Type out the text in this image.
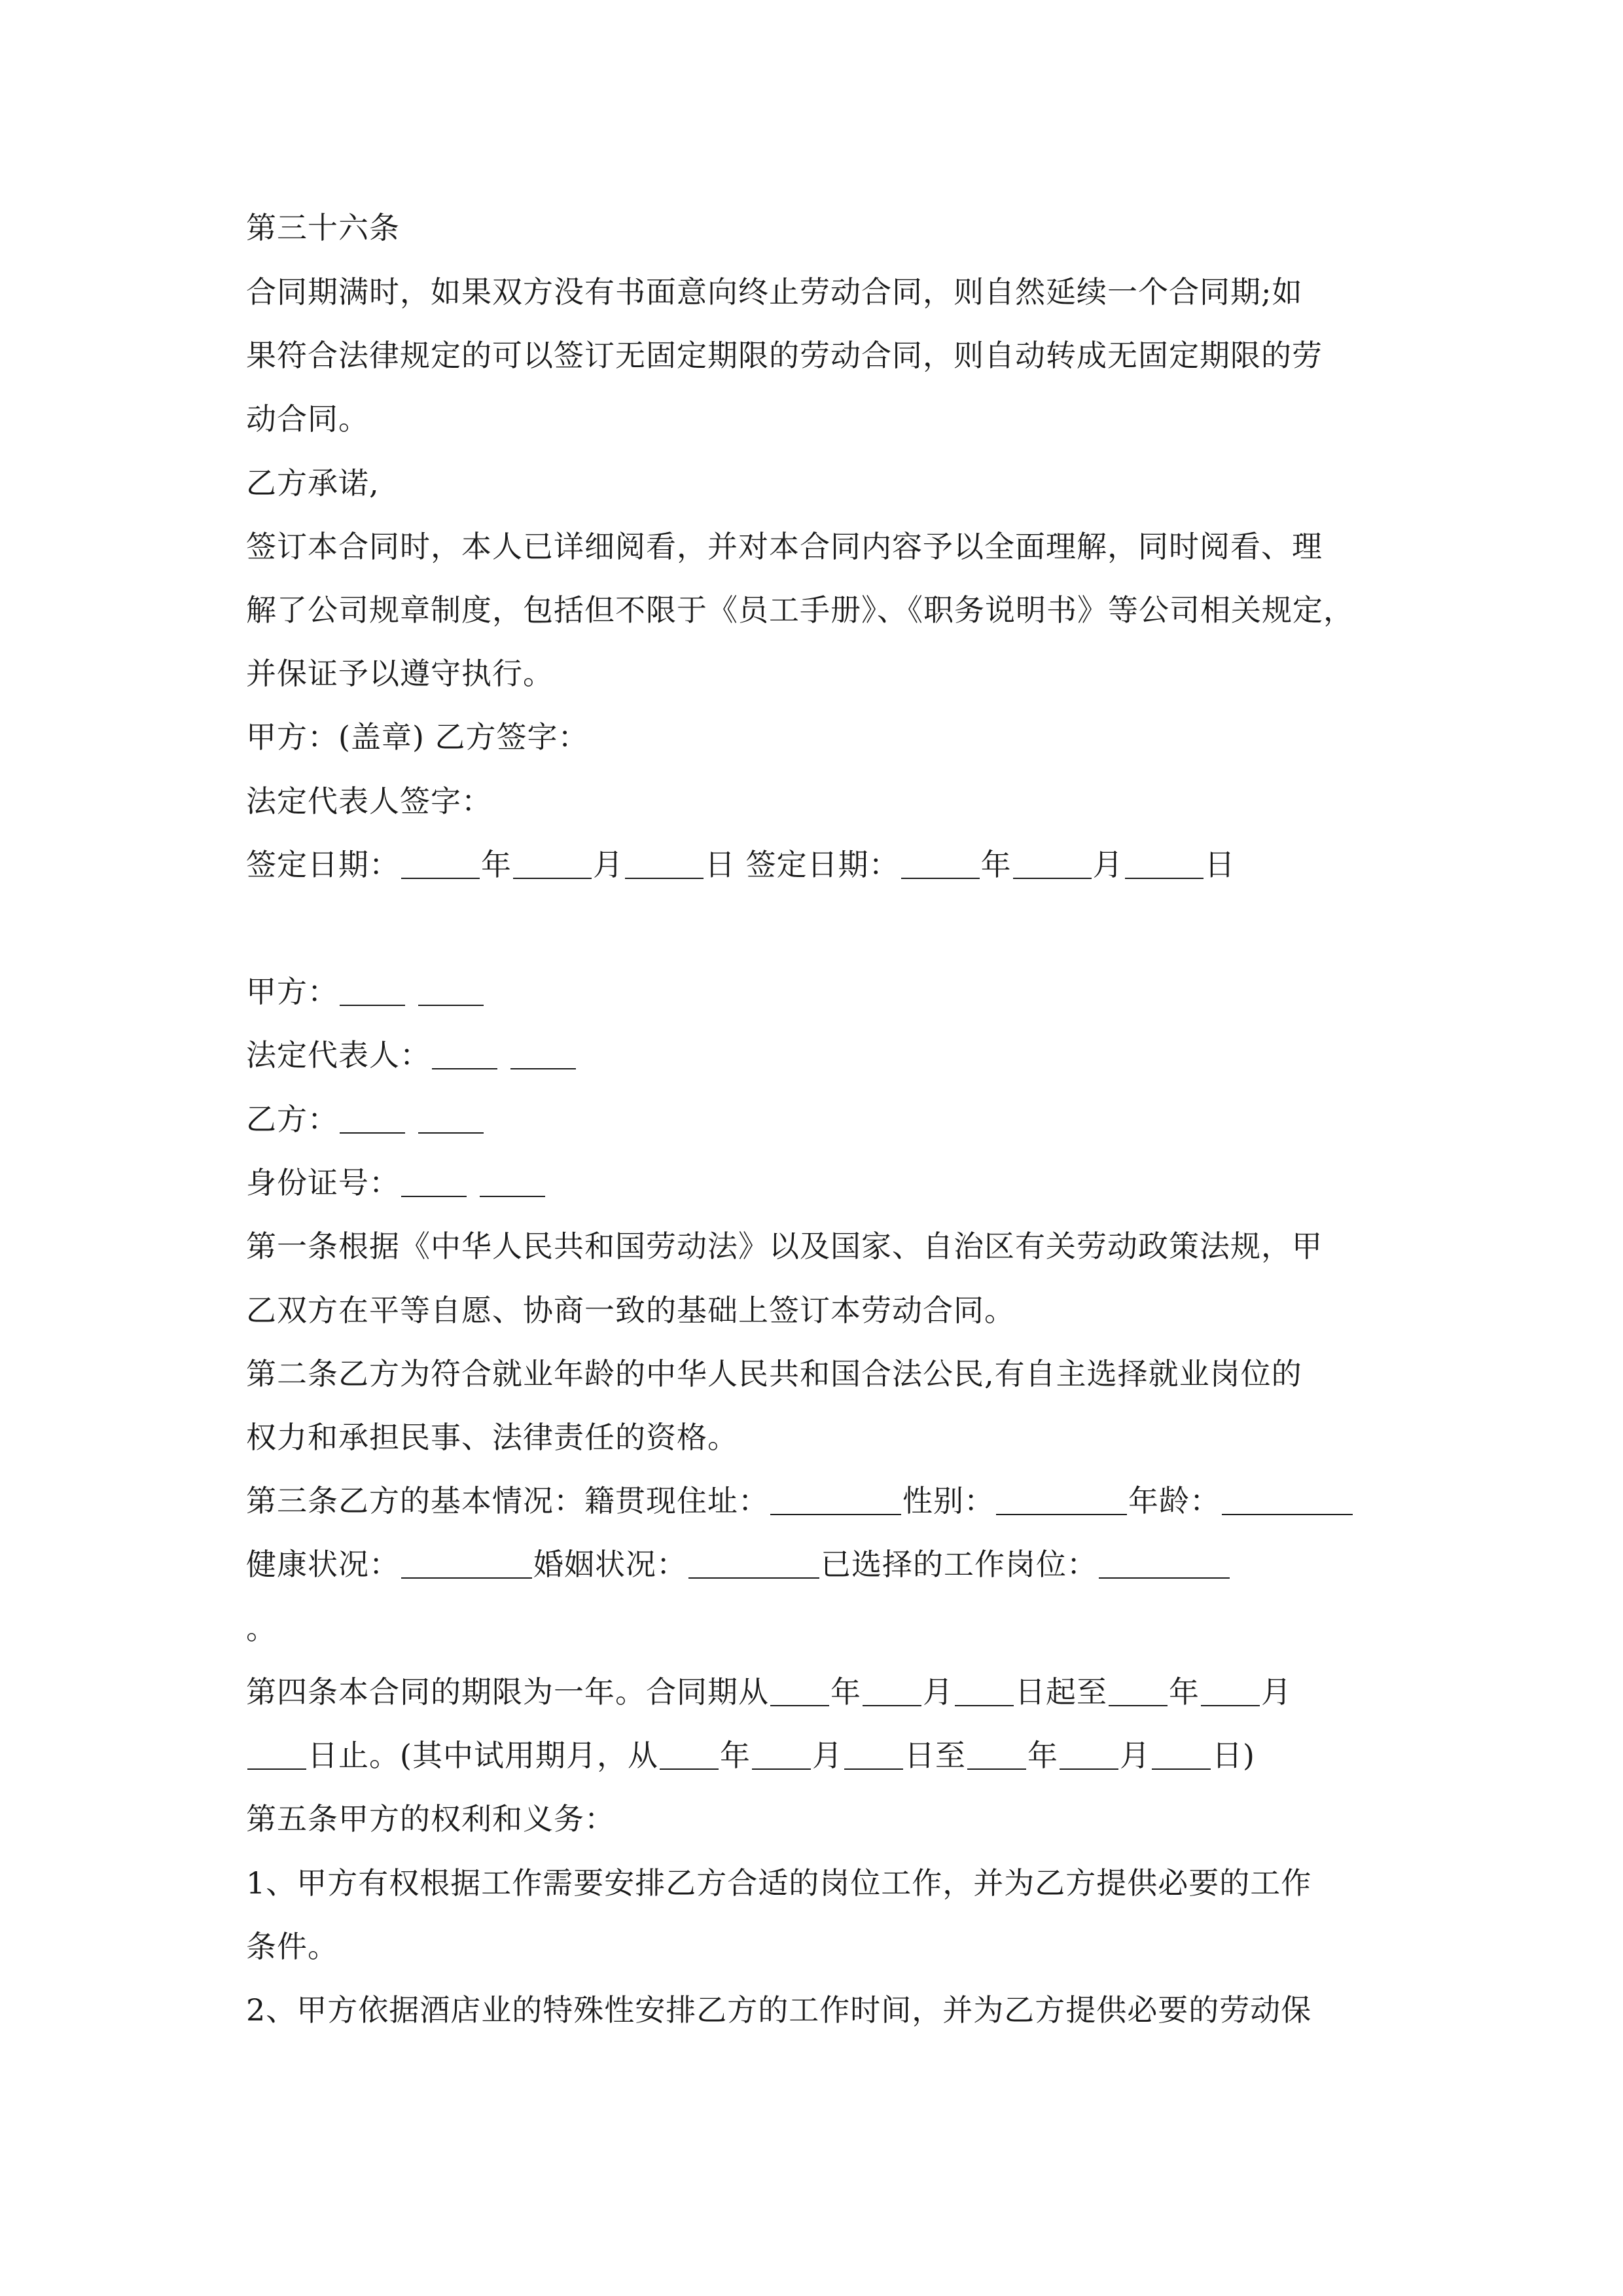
第三十六条
合同期满时，如果双方没有书面意向终止劳动合同，则自然延续一个合同期;如
果符合法律规定的可以签订无固定期限的劳动合同，则自动转成无固定期限的劳
动合同。
乙方承诺,
签订本合同时，本人已详细阅看，并对本合同内容予以全面理解，同时阅看、理
解了公司规章制度，包括但不限于《员工手册》、《职务说明书》等公司相关规定，
并保证予以遵守执行。
甲方：(盖章) 乙方签字：
法定代表人签字：
签定日期：	年	月	日 签定日期：	年	月	日
甲方：
法定代表人：
乙方：
身份证号：
第一条根据《中华人民共和国劳动法》以及国家、自治区有关劳动政策法规，甲
乙双方在平等自愿、协商一致的基础上签订本劳动合同。
第二条乙方为符合就业年龄的中华人民共和国合法公民,有自主选择就业岗位的
权力和承担民事、法律责任的资格。
第三条乙方的基本情况：籍贯现住址：	性别：	年龄：
健康状况：	婚姻状况：	已选择的工作岗位：
。
第四条本合同的期限为一年。合同期从 年 月 日起至 年 月
日止。(其中试用期月，从 年 月 日至 年 月 日)
第五条甲方的权利和义务：
1、甲方有权根据工作需要安排乙方合适的岗位工作，并为乙方提供必要的工作
条件。
2、甲方依据酒店业的特殊性安排乙方的工作时间，并为乙方提供必要的劳动保
